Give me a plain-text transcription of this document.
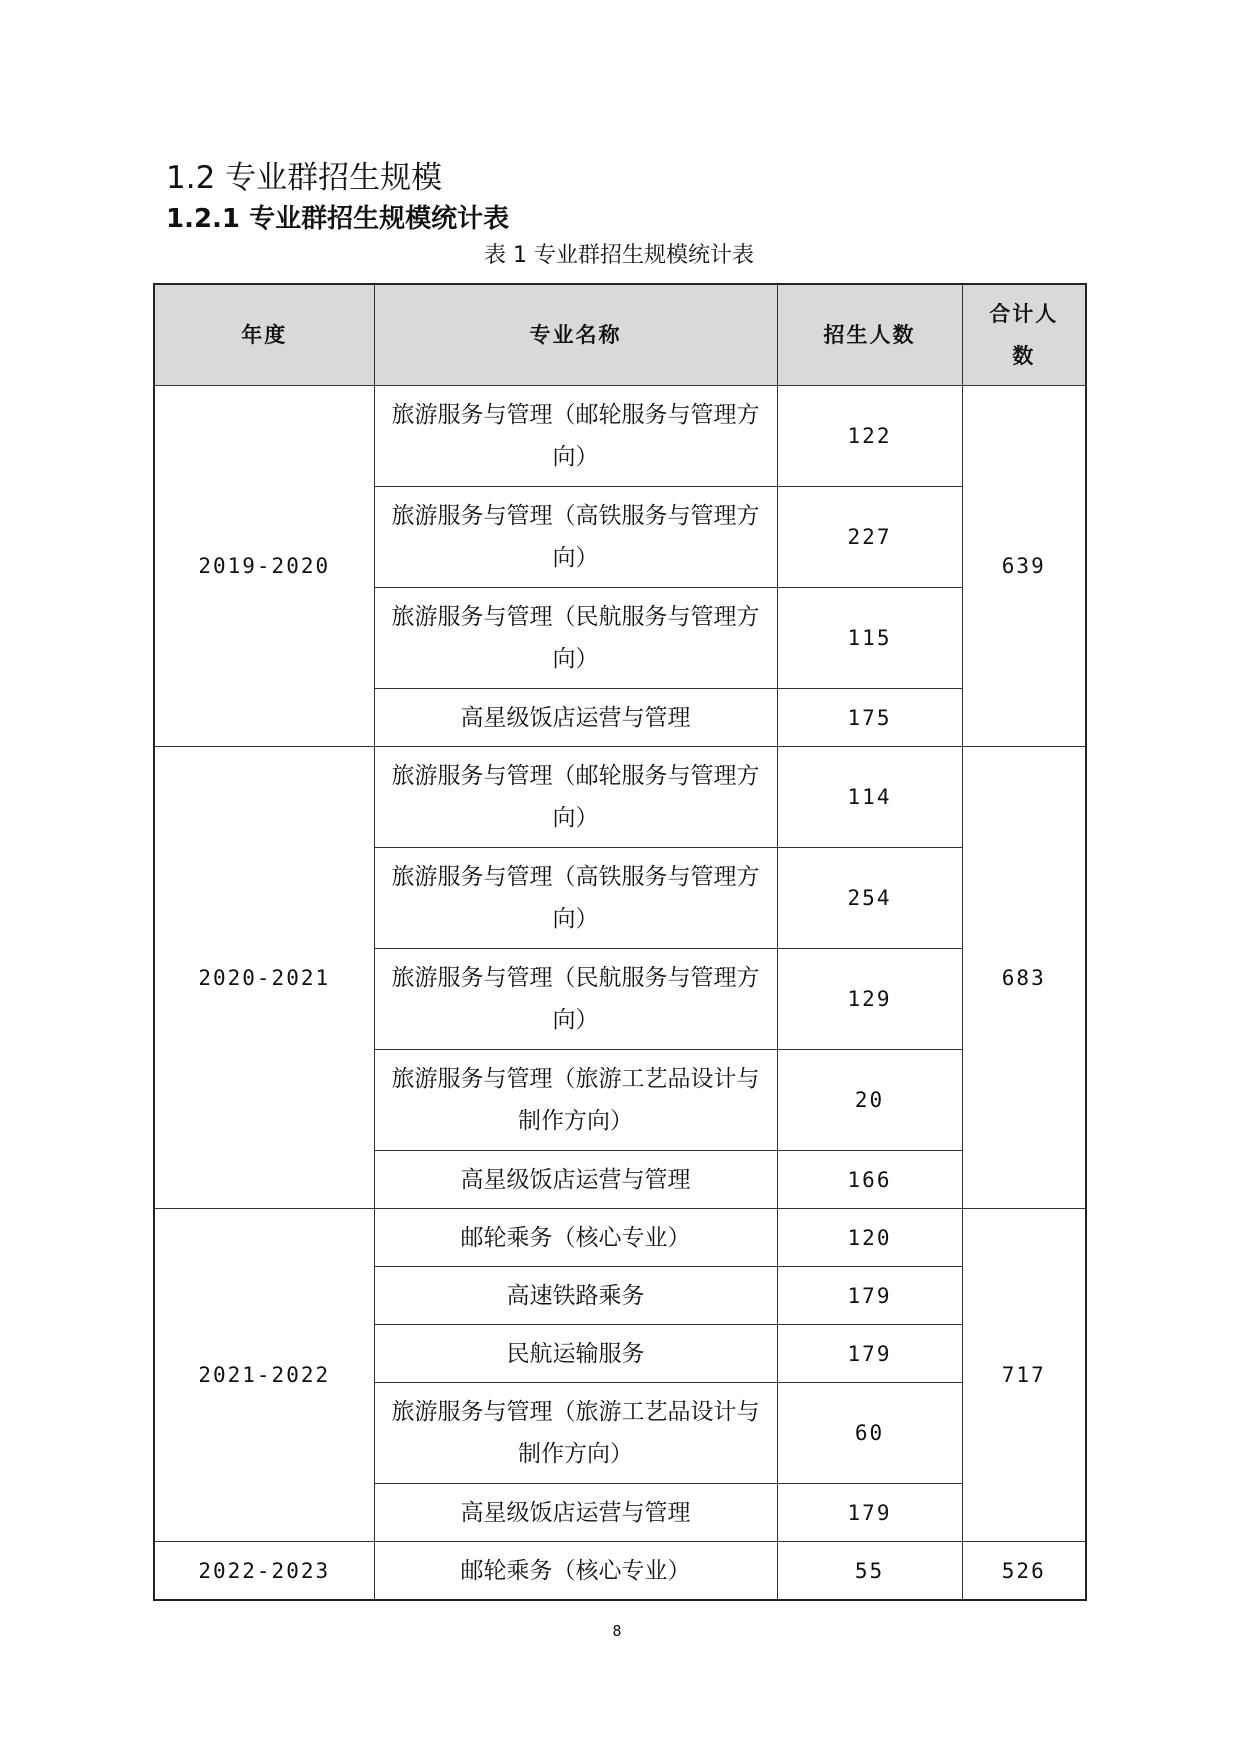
1.2 专业群招生规模
1.2.1 专业群招生规模统计表
表 1 专业群招生规模统计表
年度	专业名称	招生人数	合计人数
2019-2020	旅游服务与管理（邮轮服务与管理方向）	122	639
	旅游服务与管理（高铁服务与管理方向）	227	
	旅游服务与管理（民航服务与管理方向）	115	
	高星级饭店运营与管理	175	
2020-2021	旅游服务与管理（邮轮服务与管理方向）	114	683
	旅游服务与管理（高铁服务与管理方向）	254	
	旅游服务与管理（民航服务与管理方向）	129	
	旅游服务与管理（旅游工艺品设计与制作方向）	20	
	高星级饭店运营与管理	166	
2021-2022	邮轮乘务（核心专业）	120	717
	高速铁路乘务	179	
	民航运输服务	179	
	旅游服务与管理（旅游工艺品设计与制作方向）	60	
	高星级饭店运营与管理	179	
2022-2023	邮轮乘务（核心专业）	55	526
8
